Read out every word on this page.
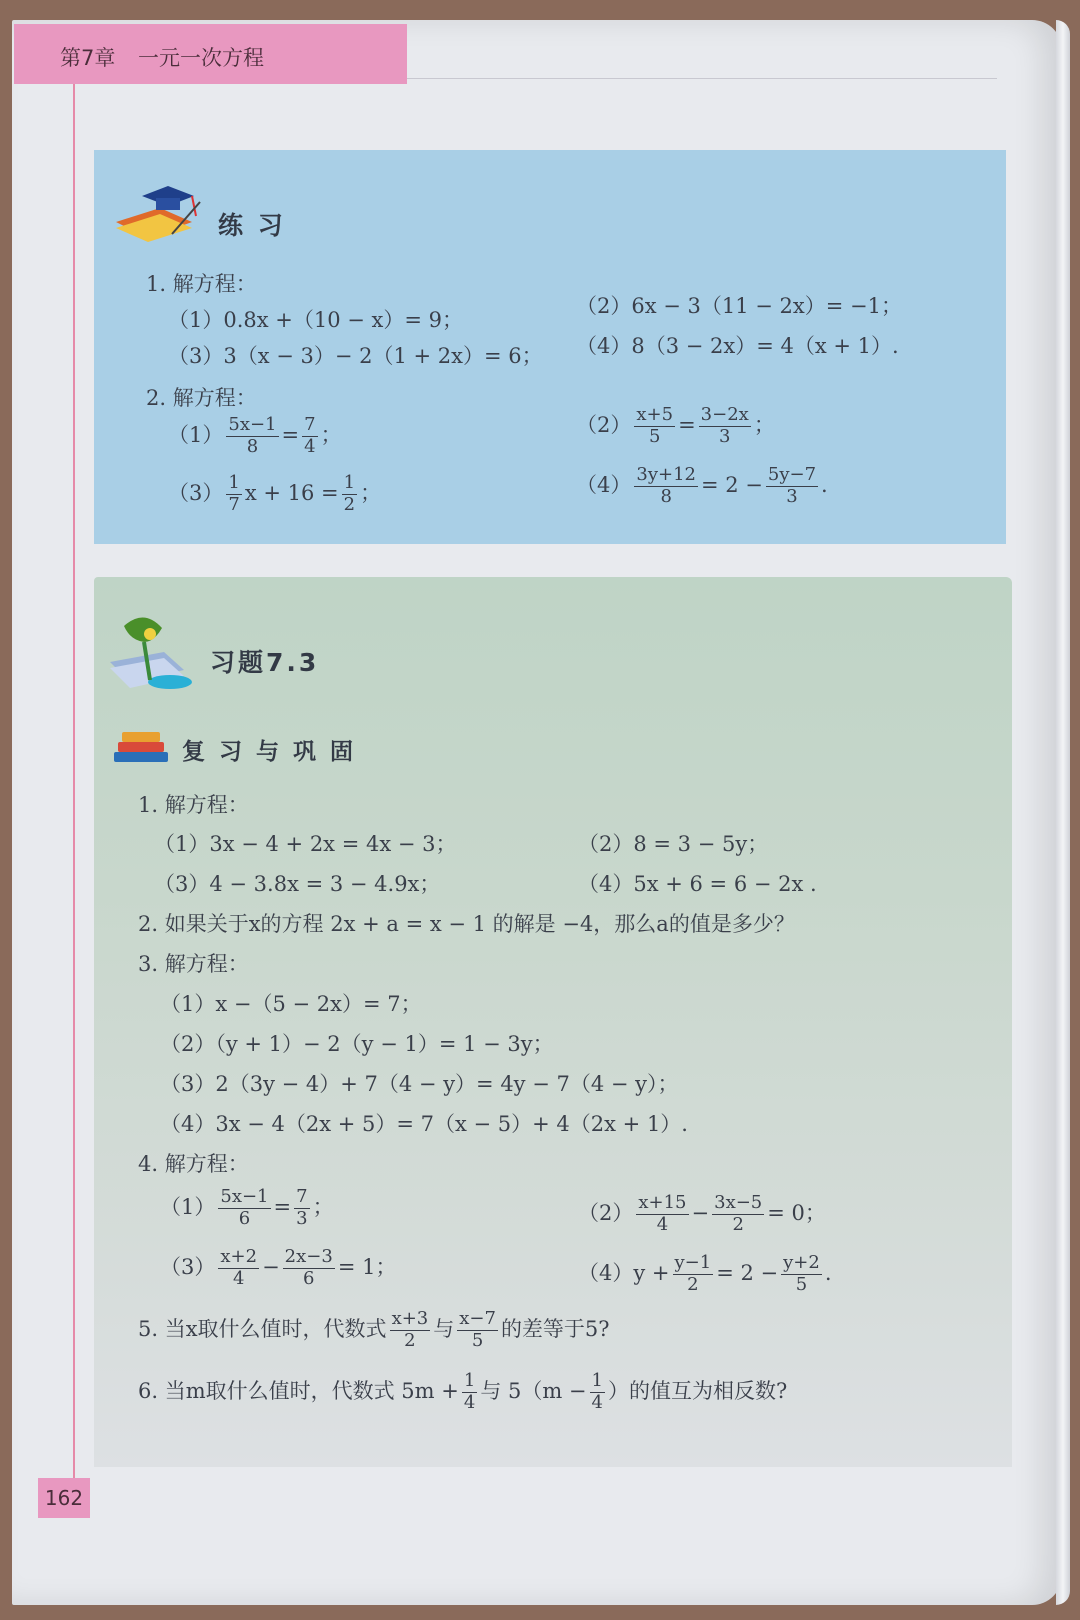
第7章 一元一次方程
练 习
1. 解方程：
（1）0.8x +（10 − x）= 9；
（2）6x − 3（11 − 2x）= −1；
（3）3（x − 3）− 2（1 + 2x）= 6； （4）8（3 − 2x）= 4（x + 1）.
2. 解方程：
$(1) \frac{5x-1}{8} = \frac{7}{4}$ ；	$(2) \frac{x+5}{5} = \frac{3-2x}{3}$ ；
$(3) \frac{1}{7}$ $x + 16 = \frac{1}{2}$ ；	$(4) \frac{3y+12}{8} = 2 - \frac{5y-7}{3}$ .
习题7.3
复 习 与 巩 固
1. 解方程：
（1）3x − 4 + 2x = 4x − 3；	（2）8 = 3 − 5y；
（3）4 − 3.8x = 3 − 4.9x；	（4）5x + 6 = 6 − 2x .
2. 如果关于x的方程 2x + a = x − 1 的解是 −4，那么a的值是多少？
3. 解方程：
（1）x −（5 − 2x）= 7；
（2）（y + 1）− 2（y − 1）= 1 − 3y；
（3）2（3y − 4）+ 7（4 − y）= 4y − 7（4 − y）；
（4）3x − 4（2x + 5）= 7（x − 5）+ 4（2x + 1）.
4. 解方程：
$(1) \frac{5x-1}{6} = \frac{7}{3}$ ；	$(2) \frac{x+15}{4} - \frac{3x-5}{2} = 0$；
$(3) \frac{x+2}{4} - \frac{2x-3}{6} = 1$；	$(4)y + \frac{y-1}{2} = 2 - \frac{y+2}{5}$ .
5. 当x取什么值时，代数式 $\frac{x+3}{2}$ 与 $\frac{x-7}{5}$ 的差等于5?
6. 当m取什么值时，代数式 $5m + \frac{1}{4}$ 与 $5(m - \frac{1}{4}$ ）的值互为相反数?
162
